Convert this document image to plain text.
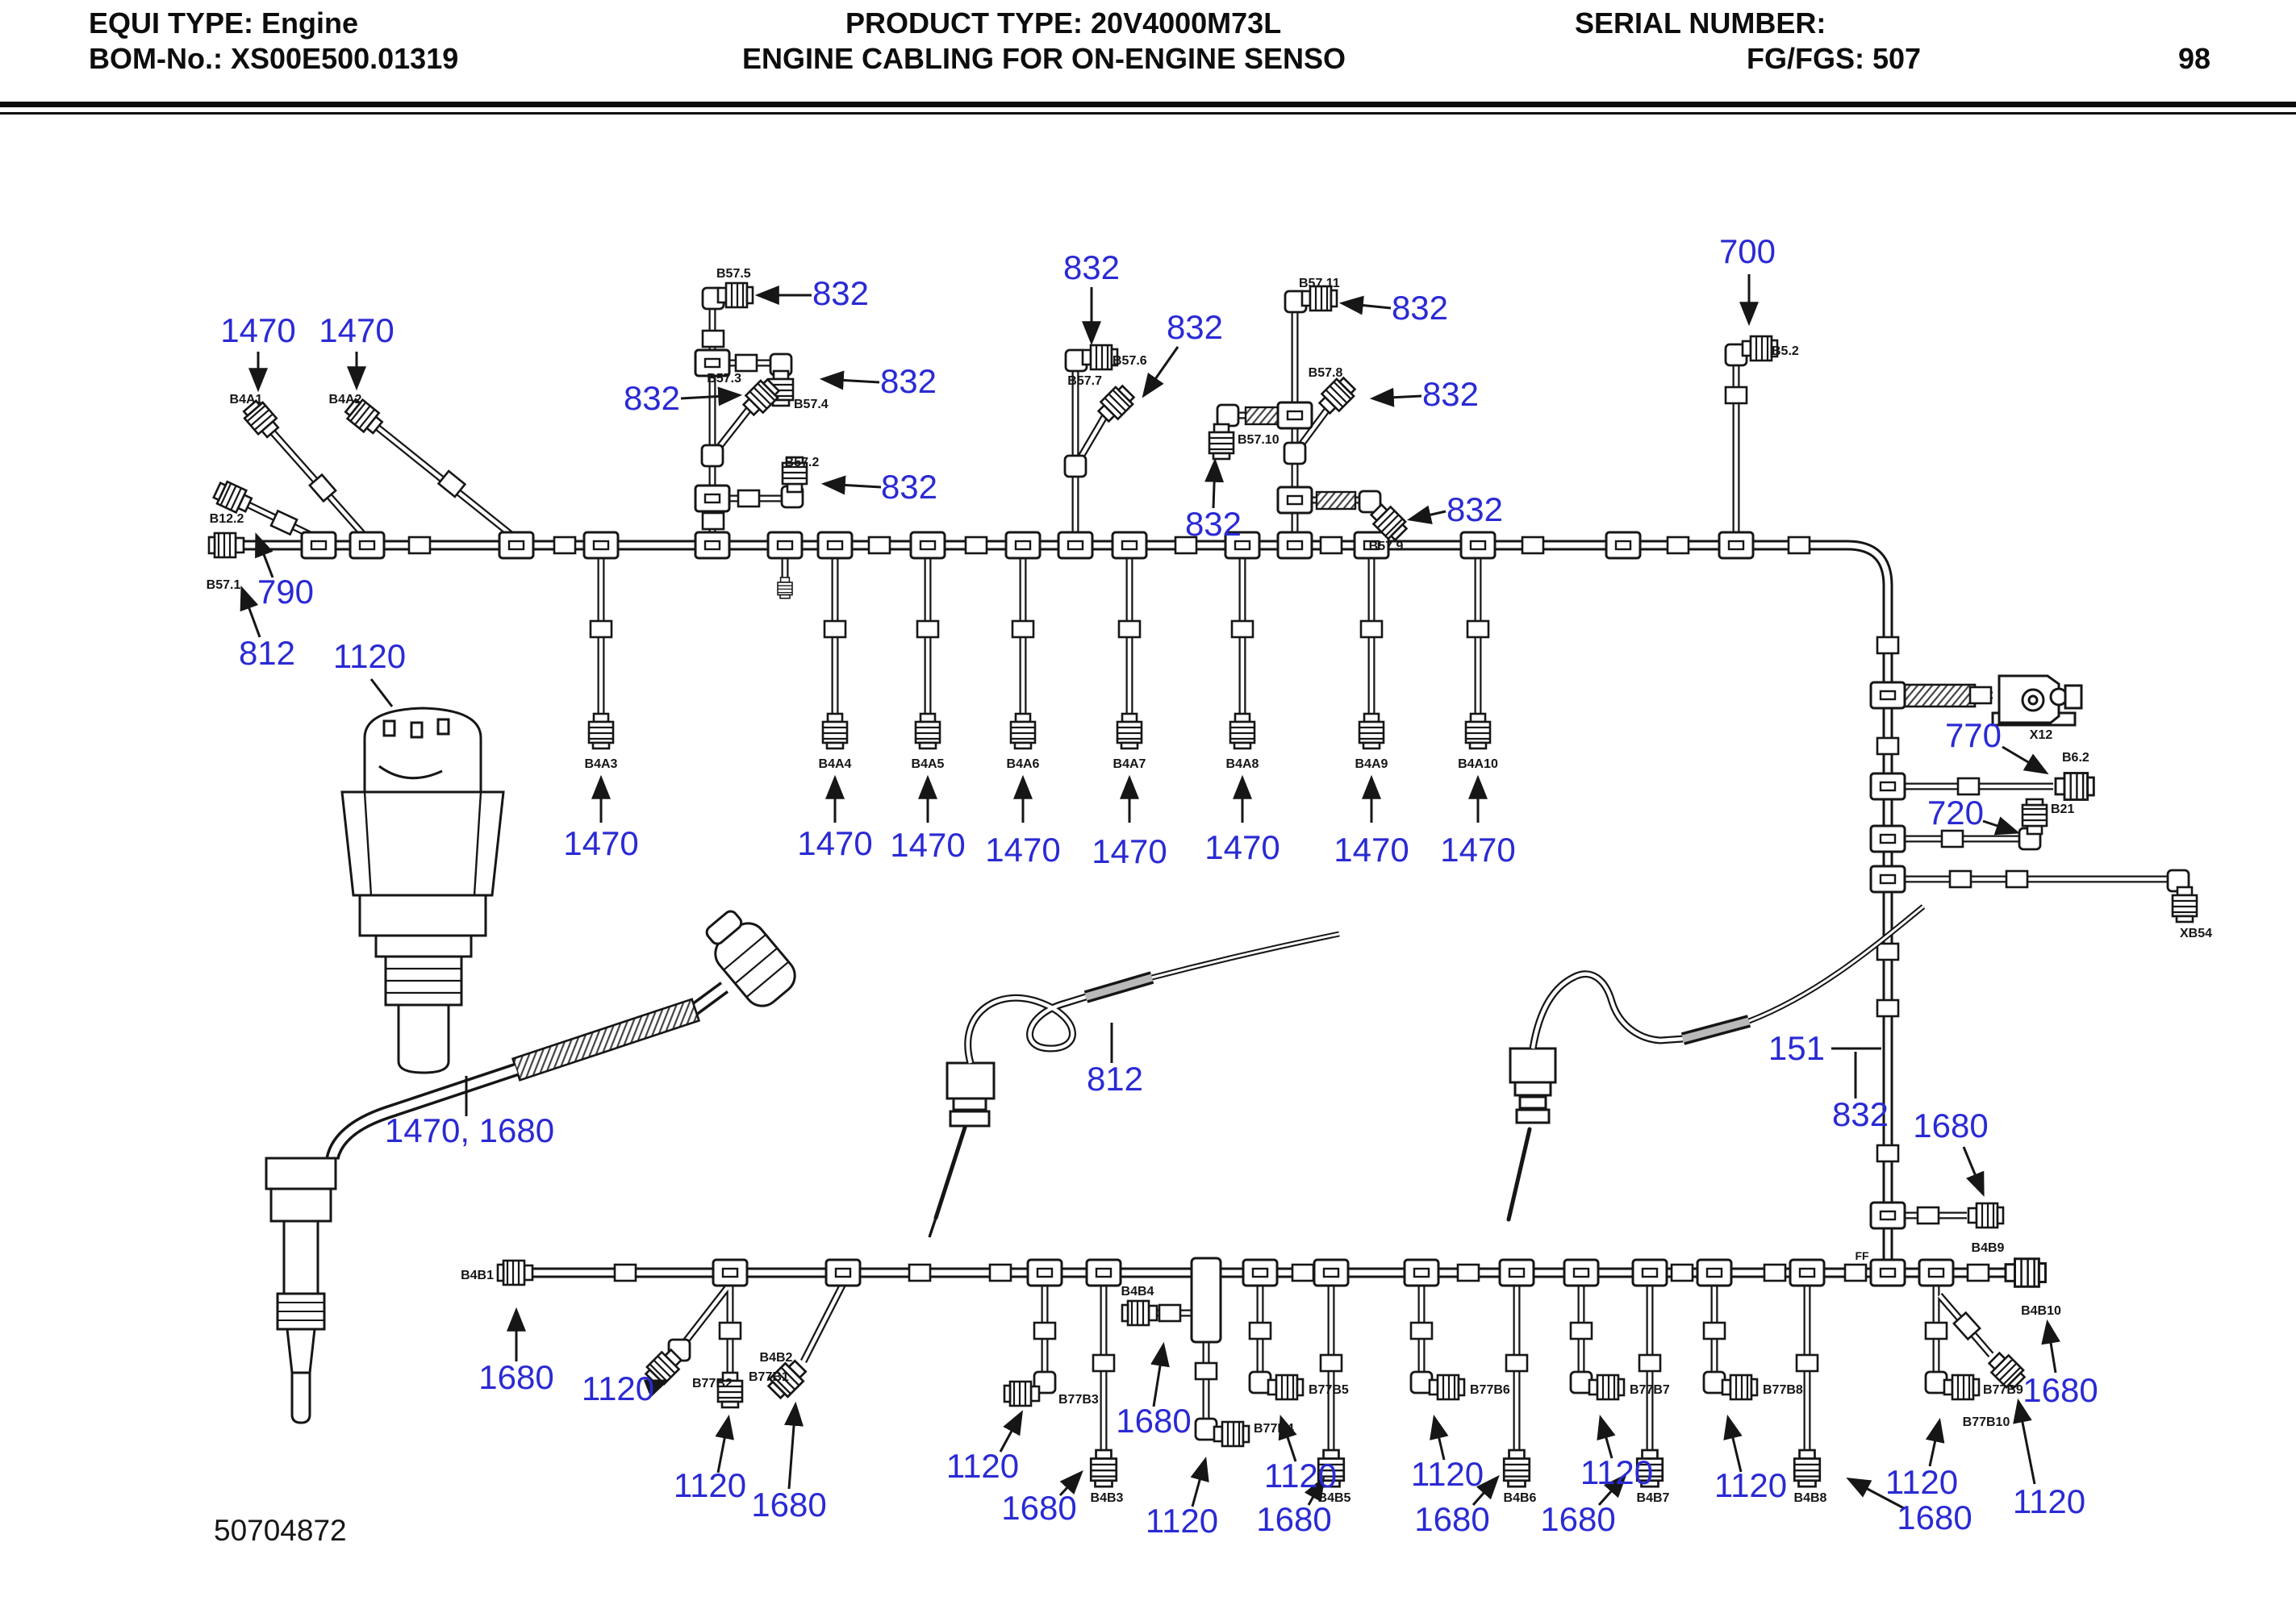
EQUI TYPE: Engine	PRODUCT TYPE: 20V4000M73L	SERIAL NUMBER:
BOM-No.: XS00E500.01319	ENGINE CABLING FOR ON-ENGINE SENSO	FG/FGS: 507	98
1470 1470
790
812 1120
832
832
832
832
832
832
832
832
832
832
1470	1470 1470 1470 1470 1470 1470 1470
700
770
720
151
1680
1470, 1680
812
832
1680 1120
1120
1680
1120
1680
1680
1120
1120
1680
1120
1680
1120
1680
1120
1680
1120
1120
1680
B57.1
B12.2
B4A1	B4A2
B57.5
B57.4
B57.3
B57.2
B57.6
B57.7
B57.10
B57.11
B57.8
B57.9
B4A3	B4A4	B4A5	B4A6	B4A7	B4A8	B4A9	B4A10
B5.2
X12
B6.2
B21
XB54
B4B9
FF
B4B1
B77B1
B77B2
B4B2
B77B3
B4B3
B4B4
B77B4
B77B5
B4B5
B77B6
B4B6
B77B7
B4B7
B77B8
B4B8
B77B9
B77B10
B4B10
50704872
